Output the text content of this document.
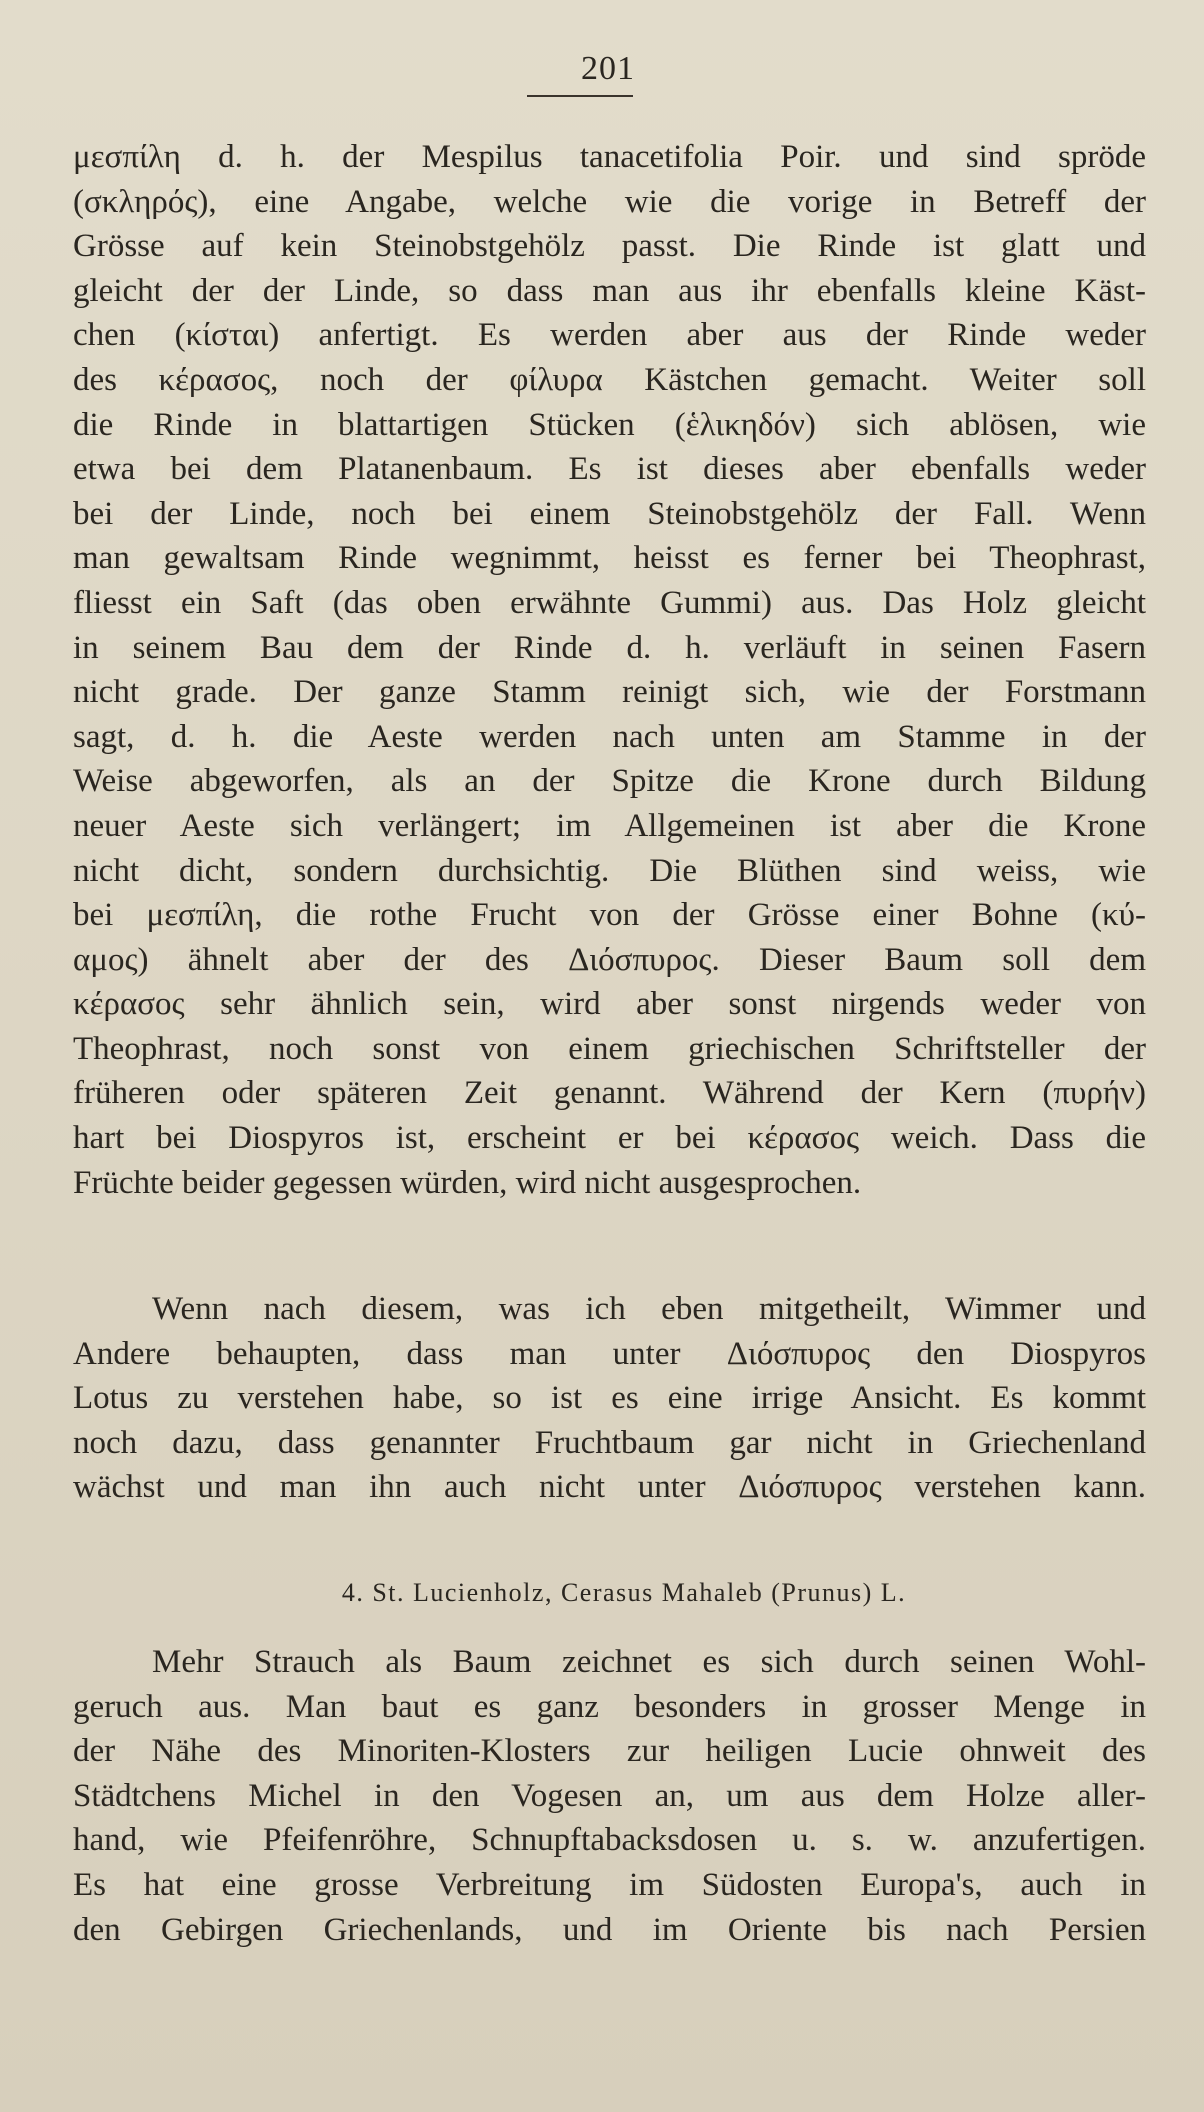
201
μεσπίλη d. h. der Mespilus tanacetifolia Poir. und sind spröde
(σκληρός), eine Angabe, welche wie die vorige in Betreff der
Grösse auf kein Steinobstgehölz passt. Die Rinde ist glatt und
gleicht der der Linde, so dass man aus ihr ebenfalls kleine Käst-
chen (κίσται) anfertigt. Es werden aber aus der Rinde weder
des κέρασος, noch der φίλυρα Kästchen gemacht. Weiter soll
die Rinde in blattartigen Stücken (ἑλικηδόν) sich ablösen, wie
etwa bei dem Platanenbaum. Es ist dieses aber ebenfalls weder
bei der Linde, noch bei einem Steinobstgehölz der Fall. Wenn
man gewaltsam Rinde wegnimmt, heisst es ferner bei Theophrast,
fliesst ein Saft (das oben erwähnte Gummi) aus. Das Holz gleicht
in seinem Bau dem der Rinde d. h. verläuft in seinen Fasern
nicht grade. Der ganze Stamm reinigt sich, wie der Forstmann
sagt, d. h. die Aeste werden nach unten am Stamme in der
Weise abgeworfen, als an der Spitze die Krone durch Bildung
neuer Aeste sich verlängert; im Allgemeinen ist aber die Krone
nicht dicht, sondern durchsichtig. Die Blüthen sind weiss, wie
bei μεσπίλη, die rothe Frucht von der Grösse einer Bohne (κύ-
αμος) ähnelt aber der des Διόσπυρος. Dieser Baum soll dem
κέρασος sehr ähnlich sein, wird aber sonst nirgends weder von
Theophrast, noch sonst von einem griechischen Schriftsteller der
früheren oder späteren Zeit genannt. Während der Kern (πυρήν)
hart bei Diospyros ist, erscheint er bei κέρασος weich. Dass die
Früchte beider gegessen würden, wird nicht ausgesprochen.
Wenn nach diesem, was ich eben mitgetheilt, Wimmer und
Andere behaupten, dass man unter Διόσπυρος den Diospyros
Lotus zu verstehen habe, so ist es eine irrige Ansicht. Es kommt
noch dazu, dass genannter Fruchtbaum gar nicht in Griechenland
wächst und man ihn auch nicht unter Διόσπυρος verstehen kann.
4. St. Lucienholz, Cerasus Mahaleb (Prunus) L.
Mehr Strauch als Baum zeichnet es sich durch seinen Wohl-
geruch aus. Man baut es ganz besonders in grosser Menge in
der Nähe des Minoriten-Klosters zur heiligen Lucie ohnweit des
Städtchens Michel in den Vogesen an, um aus dem Holze aller-
hand, wie Pfeifenröhre, Schnupftabacksdosen u. s. w. anzufertigen.
Es hat eine grosse Verbreitung im Südosten Europa's, auch in
den Gebirgen Griechenlands, und im Oriente bis nach Persien
